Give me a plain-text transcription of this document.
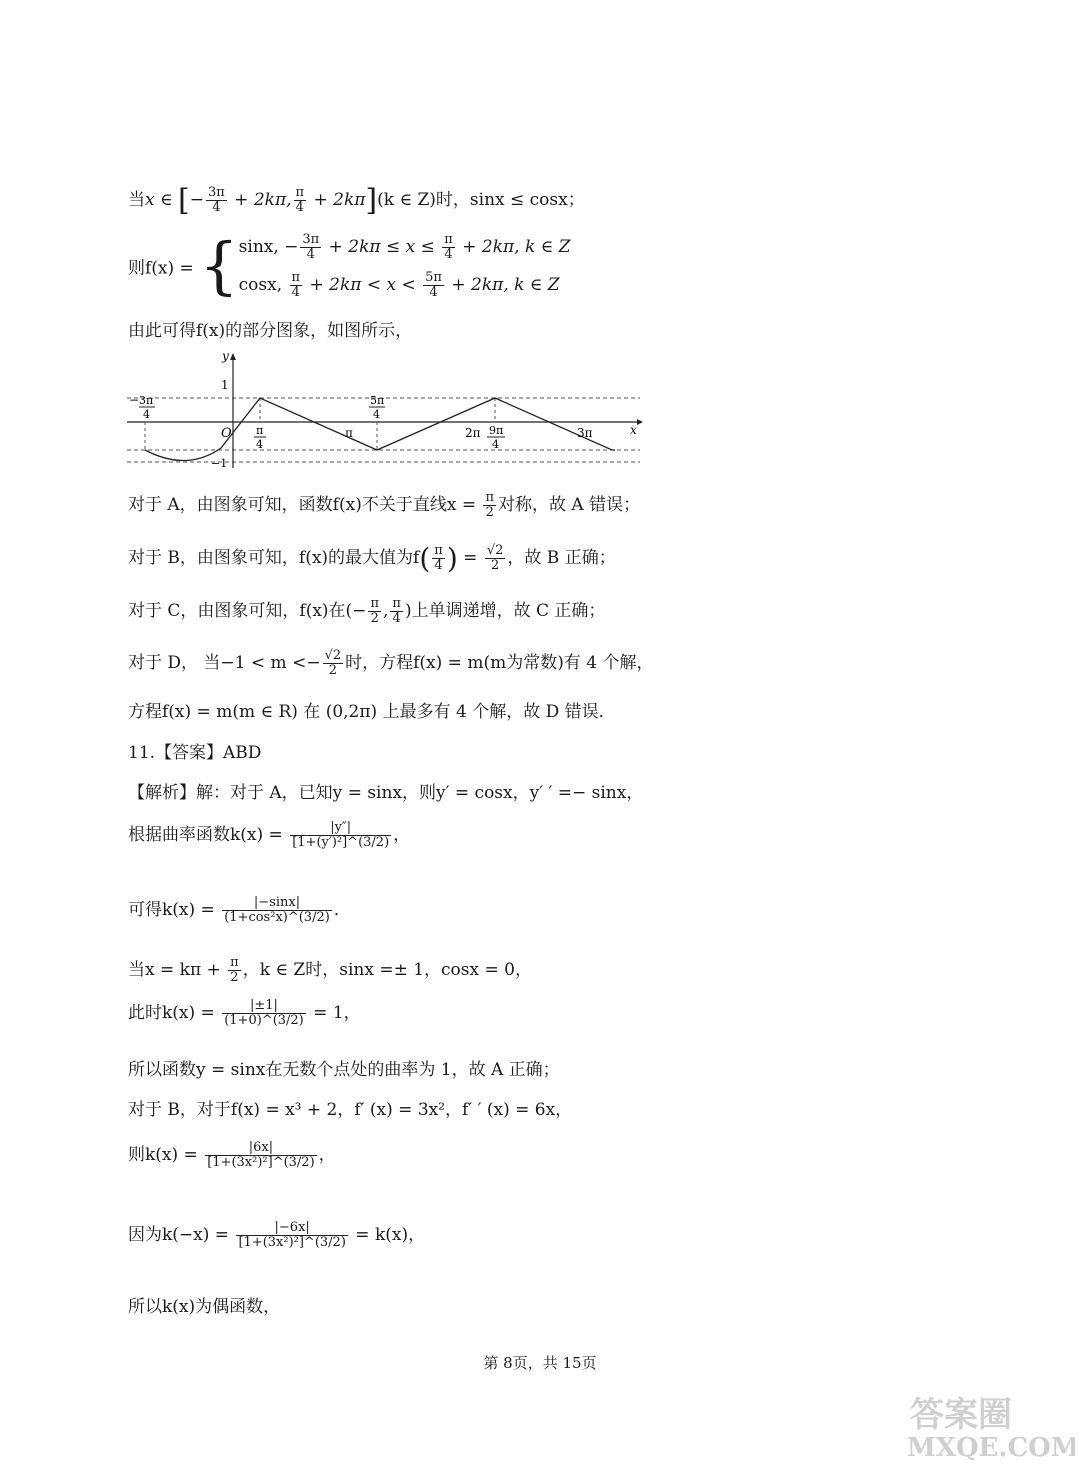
当x ∈ [− $\frac{3\pi}{4} + 2k\pi$, $\frac{\pi}{4} + 2k\pi](k$ ∈ Z)时，sinx ≤ cosx；
则f(x) = { sinx, − $\frac{3\pi}{4} + 2k\pi \le x \le \frac{\pi}{4} + 2k\pi$, k ∈ Z
cosx, $\frac{\pi}{4} + 2k\pi < x < \frac{5\pi}{4} + 2k\pi$, k ∈ Z
由此可得f(x)的部分图象，如图所示，
y
1
O	x
− 3π
4
5π
4
π
4
π	2π 9π
4
3π
−1
对于 A，由图象可知，函数f(x)不关于直线$x = \frac{\pi}{2}$ 对称，故 A 错误；
对于 B，由图象可知，f(x)的最大值为$f( \frac{\pi}{4}$ ) = $\frac{√2}{2}$ ，故 B 正确；
对于 C，由图象可知，f(x)在(− $\frac{\pi}{2}$ , $\frac{\pi}{4}$ )上单调递增，故 C 正确；
对于 D， 当$-1 < m <- \frac{√2}{2}$ 时，方程f(x) = m(m为常数)有 4 个解，
方程f(x) = m(m ∈ R) 在 (0,2π) 上最多有 4 个解，故 D 错误．
11.【答案】ABD
【解析】解：对于 A，已知y = sinx，则y′ = cosx，y′ ′ =− sinx，
根据曲率函数$k(x) = \frac{|y''|}{\text{[1+(y′)²]\textasciicircum{}(3/2)}}$ ，
可得$k(x) = \frac{|-\sin x|}{\text{(1+cos²x)\textasciicircum{}(3/2)}}$ ．
当$x = k\pi + \frac{\pi}{2}$ ，k ∈ Z时，sinx =± 1，cosx = 0，
此时$k(x) = \frac{|\pm 1|}{(1+0)\^{}(3/2)} = 1$，
所以函数y = sinx在无数个点处的曲率为 1，故 A 正确；
对于 B，对于f(x) = x³ + 2，f′ (x) = 3x²，f′ ′ (x) = 6x，
则$k(x) = \frac{|6x|}{\text{[1+(3x²)²]\textasciicircum{}(3/2)}}$ ，
因为$k(-x) = \frac{|-6x|}{\text{[1+(3x²)²]\textasciicircum{}(3/2)}} = k(x)$，
所以k(x)为偶函数，
第 8页，共 15页
答案圈
MXQE.COM
